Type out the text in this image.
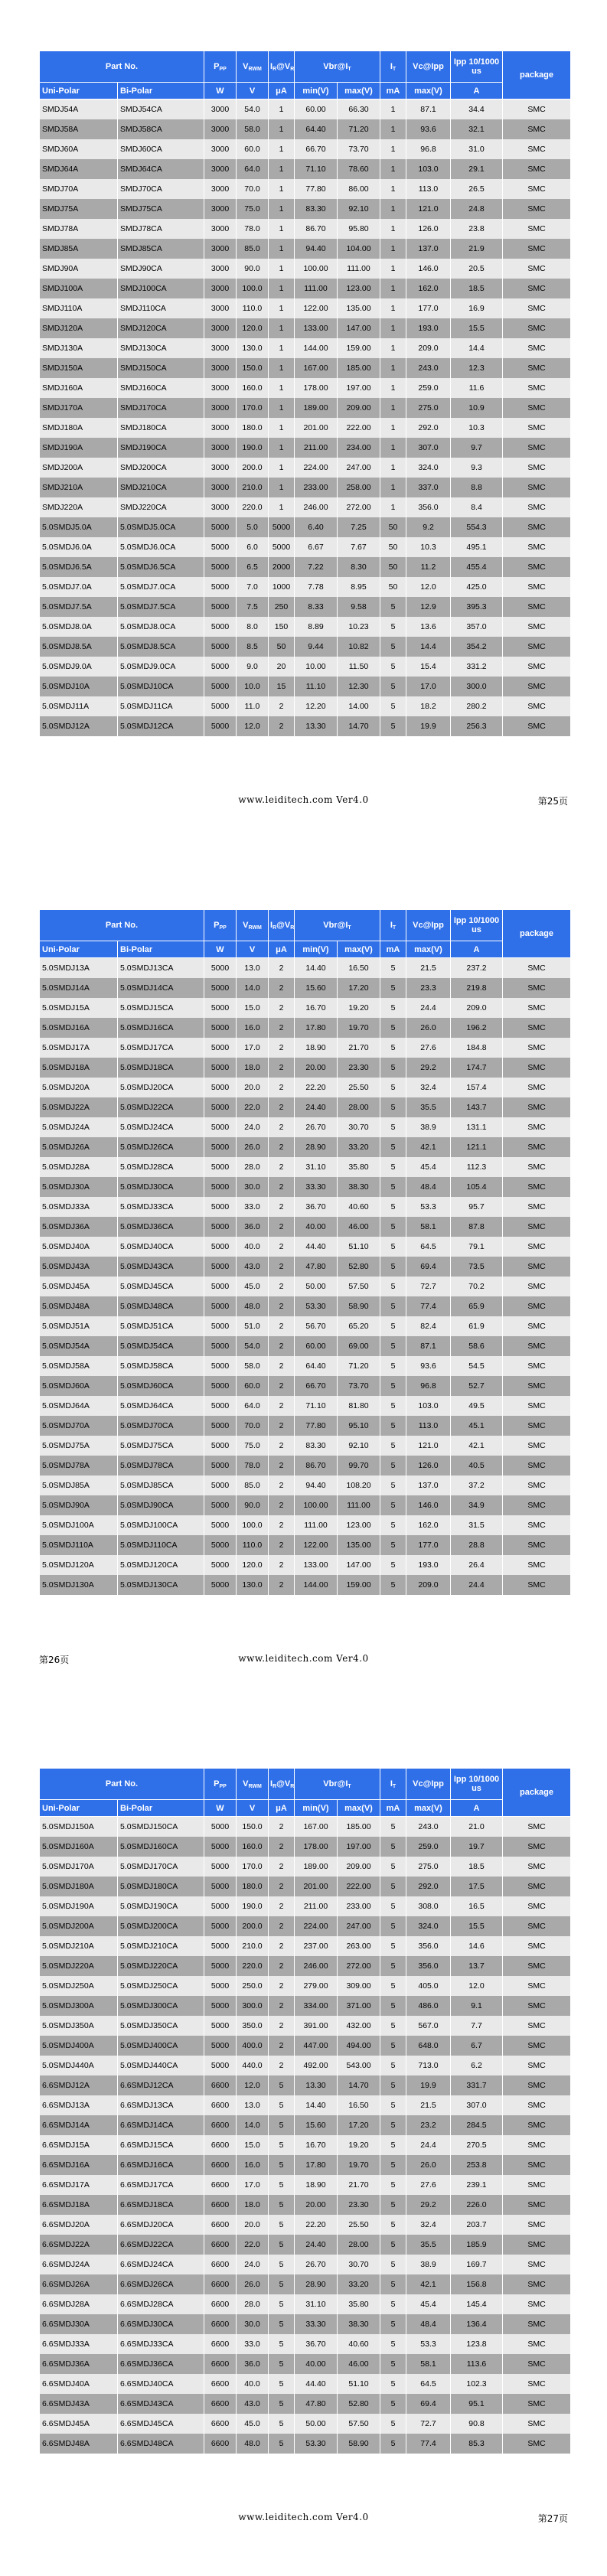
Part No.		$P_{PP}$	$V_{RWM}$	$I_R@V_R$	$Vbr@I_T$		$I_T$	Vc@Ipp	Ipp 10/1000 us	package
Uni-Polar	Bi-Polar	W	V	μA	min(V)	max(V)	mA	max(V)	A	
SMDJ54A	SMDJ54CA	3000	54.0	1	60.00	66.30	1	87.1	34.4	SMC
SMDJ58A	SMDJ58CA	3000	58.0	1	64.40	71.20	1	93.6	32.1	SMC
SMDJ60A	SMDJ60CA	3000	60.0	1	66.70	73.70	1	96.8	31.0	SMC
SMDJ64A	SMDJ64CA	3000	64.0	1	71.10	78.60	1	103.0	29.1	SMC
SMDJ70A	SMDJ70CA	3000	70.0	1	77.80	86.00	1	113.0	26.5	SMC
SMDJ75A	SMDJ75CA	3000	75.0	1	83.30	92.10	1	121.0	24.8	SMC
SMDJ78A	SMDJ78CA	3000	78.0	1	86.70	95.80	1	126.0	23.8	SMC
SMDJ85A	SMDJ85CA	3000	85.0	1	94.40	104.00	1	137.0	21.9	SMC
SMDJ90A	SMDJ90CA	3000	90.0	1	100.00	111.00	1	146.0	20.5	SMC
SMDJ100A	SMDJ100CA	3000	100.0	1	111.00	123.00	1	162.0	18.5	SMC
SMDJ110A	SMDJ110CA	3000	110.0	1	122.00	135.00	1	177.0	16.9	SMC
SMDJ120A	SMDJ120CA	3000	120.0	1	133.00	147.00	1	193.0	15.5	SMC
SMDJ130A	SMDJ130CA	3000	130.0	1	144.00	159.00	1	209.0	14.4	SMC
SMDJ150A	SMDJ150CA	3000	150.0	1	167.00	185.00	1	243.0	12.3	SMC
SMDJ160A	SMDJ160CA	3000	160.0	1	178.00	197.00	1	259.0	11.6	SMC
SMDJ170A	SMDJ170CA	3000	170.0	1	189.00	209.00	1	275.0	10.9	SMC
SMDJ180A	SMDJ180CA	3000	180.0	1	201.00	222.00	1	292.0	10.3	SMC
SMDJ190A	SMDJ190CA	3000	190.0	1	211.00	234.00	1	307.0	9.7	SMC
SMDJ200A	SMDJ200CA	3000	200.0	1	224.00	247.00	1	324.0	9.3	SMC
SMDJ210A	SMDJ210CA	3000	210.0	1	233.00	258.00	1	337.0	8.8	SMC
SMDJ220A	SMDJ220CA	3000	220.0	1	246.00	272.00	1	356.0	8.4	SMC
5.0SMDJ5.0A	5.0SMDJ5.0CA	5000	5.0	5000	6.40	7.25	50	9.2	554.3	SMC
5.0SMDJ6.0A	5.0SMDJ6.0CA	5000	6.0	5000	6.67	7.67	50	10.3	495.1	SMC
5.0SMDJ6.5A	5.0SMDJ6.5CA	5000	6.5	2000	7.22	8.30	50	11.2	455.4	SMC
5.0SMDJ7.0A	5.0SMDJ7.0CA	5000	7.0	1000	7.78	8.95	50	12.0	425.0	SMC
5.0SMDJ7.5A	5.0SMDJ7.5CA	5000	7.5	250	8.33	9.58	5	12.9	395.3	SMC
5.0SMDJ8.0A	5.0SMDJ8.0CA	5000	8.0	150	8.89	10.23	5	13.6	357.0	SMC
5.0SMDJ8.5A	5.0SMDJ8.5CA	5000	8.5	50	9.44	10.82	5	14.4	354.2	SMC
5.0SMDJ9.0A	5.0SMDJ9.0CA	5000	9.0	20	10.00	11.50	5	15.4	331.2	SMC
5.0SMDJ10A	5.0SMDJ10CA	5000	10.0	15	11.10	12.30	5	17.0	300.0	SMC
5.0SMDJ11A	5.0SMDJ11CA	5000	11.0	2	12.20	14.00	5	18.2	280.2	SMC
5.0SMDJ12A	5.0SMDJ12CA	5000	12.0	2	13.30	14.70	5	19.9	256.3	SMC
www.leiditech.com Ver4.0	第25页
Part No.		$P_{PP}$	$V_{RWM}$	$I_R@V_R$	$Vbr@I_T$		$I_T$	Vc@Ipp	Ipp 10/1000 us	package
Uni-Polar	Bi-Polar	W	V	μA	min(V)	max(V)	mA	max(V)	A	
5.0SMDJ13A	5.0SMDJ13CA	5000	13.0	2	14.40	16.50	5	21.5	237.2	SMC
5.0SMDJ14A	5.0SMDJ14CA	5000	14.0	2	15.60	17.20	5	23.3	219.8	SMC
5.0SMDJ15A	5.0SMDJ15CA	5000	15.0	2	16.70	19.20	5	24.4	209.0	SMC
5.0SMDJ16A	5.0SMDJ16CA	5000	16.0	2	17.80	19.70	5	26.0	196.2	SMC
5.0SMDJ17A	5.0SMDJ17CA	5000	17.0	2	18.90	21.70	5	27.6	184.8	SMC
5.0SMDJ18A	5.0SMDJ18CA	5000	18.0	2	20.00	23.30	5	29.2	174.7	SMC
5.0SMDJ20A	5.0SMDJ20CA	5000	20.0	2	22.20	25.50	5	32.4	157.4	SMC
5.0SMDJ22A	5.0SMDJ22CA	5000	22.0	2	24.40	28.00	5	35.5	143.7	SMC
5.0SMDJ24A	5.0SMDJ24CA	5000	24.0	2	26.70	30.70	5	38.9	131.1	SMC
5.0SMDJ26A	5.0SMDJ26CA	5000	26.0	2	28.90	33.20	5	42.1	121.1	SMC
5.0SMDJ28A	5.0SMDJ28CA	5000	28.0	2	31.10	35.80	5	45.4	112.3	SMC
5.0SMDJ30A	5.0SMDJ30CA	5000	30.0	2	33.30	38.30	5	48.4	105.4	SMC
5.0SMDJ33A	5.0SMDJ33CA	5000	33.0	2	36.70	40.60	5	53.3	95.7	SMC
5.0SMDJ36A	5.0SMDJ36CA	5000	36.0	2	40.00	46.00	5	58.1	87.8	SMC
5.0SMDJ40A	5.0SMDJ40CA	5000	40.0	2	44.40	51.10	5	64.5	79.1	SMC
5.0SMDJ43A	5.0SMDJ43CA	5000	43.0	2	47.80	52.80	5	69.4	73.5	SMC
5.0SMDJ45A	5.0SMDJ45CA	5000	45.0	2	50.00	57.50	5	72.7	70.2	SMC
5.0SMDJ48A	5.0SMDJ48CA	5000	48.0	2	53.30	58.90	5	77.4	65.9	SMC
5.0SMDJ51A	5.0SMDJ51CA	5000	51.0	2	56.70	65.20	5	82.4	61.9	SMC
5.0SMDJ54A	5.0SMDJ54CA	5000	54.0	2	60.00	69.00	5	87.1	58.6	SMC
5.0SMDJ58A	5.0SMDJ58CA	5000	58.0	2	64.40	71.20	5	93.6	54.5	SMC
5.0SMDJ60A	5.0SMDJ60CA	5000	60.0	2	66.70	73.70	5	96.8	52.7	SMC
5.0SMDJ64A	5.0SMDJ64CA	5000	64.0	2	71.10	81.80	5	103.0	49.5	SMC
5.0SMDJ70A	5.0SMDJ70CA	5000	70.0	2	77.80	95.10	5	113.0	45.1	SMC
5.0SMDJ75A	5.0SMDJ75CA	5000	75.0	2	83.30	92.10	5	121.0	42.1	SMC
5.0SMDJ78A	5.0SMDJ78CA	5000	78.0	2	86.70	99.70	5	126.0	40.5	SMC
5.0SMDJ85A	5.0SMDJ85CA	5000	85.0	2	94.40	108.20	5	137.0	37.2	SMC
5.0SMDJ90A	5.0SMDJ90CA	5000	90.0	2	100.00	111.00	5	146.0	34.9	SMC
5.0SMDJ100A	5.0SMDJ100CA	5000	100.0	2	111.00	123.00	5	162.0	31.5	SMC
5.0SMDJ110A	5.0SMDJ110CA	5000	110.0	2	122.00	135.00	5	177.0	28.8	SMC
5.0SMDJ120A	5.0SMDJ120CA	5000	120.0	2	133.00	147.00	5	193.0	26.4	SMC
5.0SMDJ130A	5.0SMDJ130CA	5000	130.0	2	144.00	159.00	5	209.0	24.4	SMC
www.leiditech.com Ver4.0
第26页
Part No.		$P_{PP}$	$V_{RWM}$	$I_R@V_R$	$Vbr@I_T$		$I_T$	Vc@Ipp	Ipp 10/1000 us	package
Uni-Polar	Bi-Polar	W	V	μA	min(V)	max(V)	mA	max(V)	A	
5.0SMDJ150A	5.0SMDJ150CA	5000	150.0	2	167.00	185.00	5	243.0	21.0	SMC
5.0SMDJ160A	5.0SMDJ160CA	5000	160.0	2	178.00	197.00	5	259.0	19.7	SMC
5.0SMDJ170A	5.0SMDJ170CA	5000	170.0	2	189.00	209.00	5	275.0	18.5	SMC
5.0SMDJ180A	5.0SMDJ180CA	5000	180.0	2	201.00	222.00	5	292.0	17.5	SMC
5.0SMDJ190A	5.0SMDJ190CA	5000	190.0	2	211.00	233.00	5	308.0	16.5	SMC
5.0SMDJ200A	5.0SMDJ200CA	5000	200.0	2	224.00	247.00	5	324.0	15.5	SMC
5.0SMDJ210A	5.0SMDJ210CA	5000	210.0	2	237.00	263.00	5	356.0	14.6	SMC
5.0SMDJ220A	5.0SMDJ220CA	5000	220.0	2	246.00	272.00	5	356.0	13.7	SMC
5.0SMDJ250A	5.0SMDJ250CA	5000	250.0	2	279.00	309.00	5	405.0	12.0	SMC
5.0SMDJ300A	5.0SMDJ300CA	5000	300.0	2	334.00	371.00	5	486.0	9.1	SMC
5.0SMDJ350A	5.0SMDJ350CA	5000	350.0	2	391.00	432.00	5	567.0	7.7	SMC
5.0SMDJ400A	5.0SMDJ400CA	5000	400.0	2	447.00	494.00	5	648.0	6.7	SMC
5.0SMDJ440A	5.0SMDJ440CA	5000	440.0	2	492.00	543.00	5	713.0	6.2	SMC
6.6SMDJ12A	6.6SMDJ12CA	6600	12.0	5	13.30	14.70	5	19.9	331.7	SMC
6.6SMDJ13A	6.6SMDJ13CA	6600	13.0	5	14.40	16.50	5	21.5	307.0	SMC
6.6SMDJ14A	6.6SMDJ14CA	6600	14.0	5	15.60	17.20	5	23.2	284.5	SMC
6.6SMDJ15A	6.6SMDJ15CA	6600	15.0	5	16.70	19.20	5	24.4	270.5	SMC
6.6SMDJ16A	6.6SMDJ16CA	6600	16.0	5	17.80	19.70	5	26.0	253.8	SMC
6.6SMDJ17A	6.6SMDJ17CA	6600	17.0	5	18.90	21.70	5	27.6	239.1	SMC
6.6SMDJ18A	6.6SMDJ18CA	6600	18.0	5	20.00	23.30	5	29.2	226.0	SMC
6.6SMDJ20A	6.6SMDJ20CA	6600	20.0	5	22.20	25.50	5	32.4	203.7	SMC
6.6SMDJ22A	6.6SMDJ22CA	6600	22.0	5	24.40	28.00	5	35.5	185.9	SMC
6.6SMDJ24A	6.6SMDJ24CA	6600	24.0	5	26.70	30.70	5	38.9	169.7	SMC
6.6SMDJ26A	6.6SMDJ26CA	6600	26.0	5	28.90	33.20	5	42.1	156.8	SMC
6.6SMDJ28A	6.6SMDJ28CA	6600	28.0	5	31.10	35.80	5	45.4	145.4	SMC
6.6SMDJ30A	6.6SMDJ30CA	6600	30.0	5	33.30	38.30	5	48.4	136.4	SMC
6.6SMDJ33A	6.6SMDJ33CA	6600	33.0	5	36.70	40.60	5	53.3	123.8	SMC
6.6SMDJ36A	6.6SMDJ36CA	6600	36.0	5	40.00	46.00	5	58.1	113.6	SMC
6.6SMDJ40A	6.6SMDJ40CA	6600	40.0	5	44.40	51.10	5	64.5	102.3	SMC
6.6SMDJ43A	6.6SMDJ43CA	6600	43.0	5	47.80	52.80	5	69.4	95.1	SMC
6.6SMDJ45A	6.6SMDJ45CA	6600	45.0	5	50.00	57.50	5	72.7	90.8	SMC
6.6SMDJ48A	6.6SMDJ48CA	6600	48.0	5	53.30	58.90	5	77.4	85.3	SMC
www.leiditech.com Ver4.0	第27页
